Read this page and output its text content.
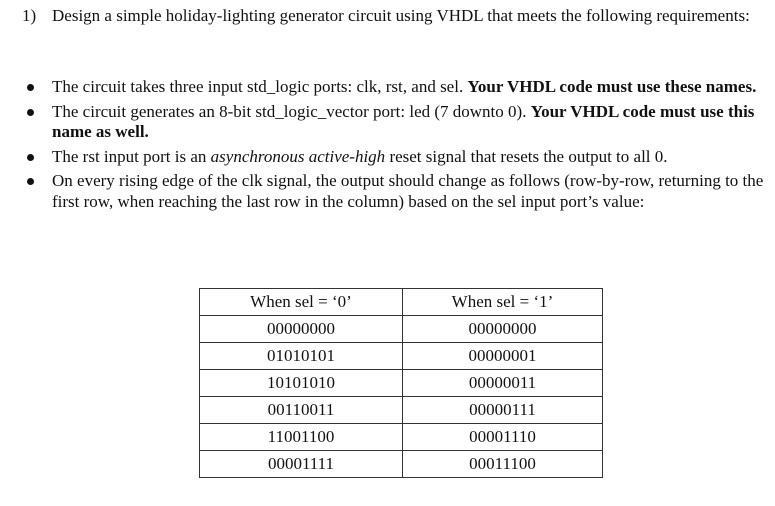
1) Design a simple holiday-lighting generator circuit using VHDL that meets the following requirements:
The circuit takes three input std_logic ports: clk, rst, and sel. Your VHDL code must use these names.
The circuit generates an 8-bit std_logic_vector port: led (7 downto 0). Your VHDL code must use this name as well.
The rst input port is an asynchronous active-high reset signal that resets the output to all 0.
On every rising edge of the clk signal, the output should change as follows (row-by-row, returning to the first row, when reaching the last row in the column) based on the sel input port’s value:
When sel = ‘0’	When sel = ‘1’
00000000	00000000
01010101	00000001
10101010	00000011
00110011	00000111
11001100	00001110
00001111	00011100
